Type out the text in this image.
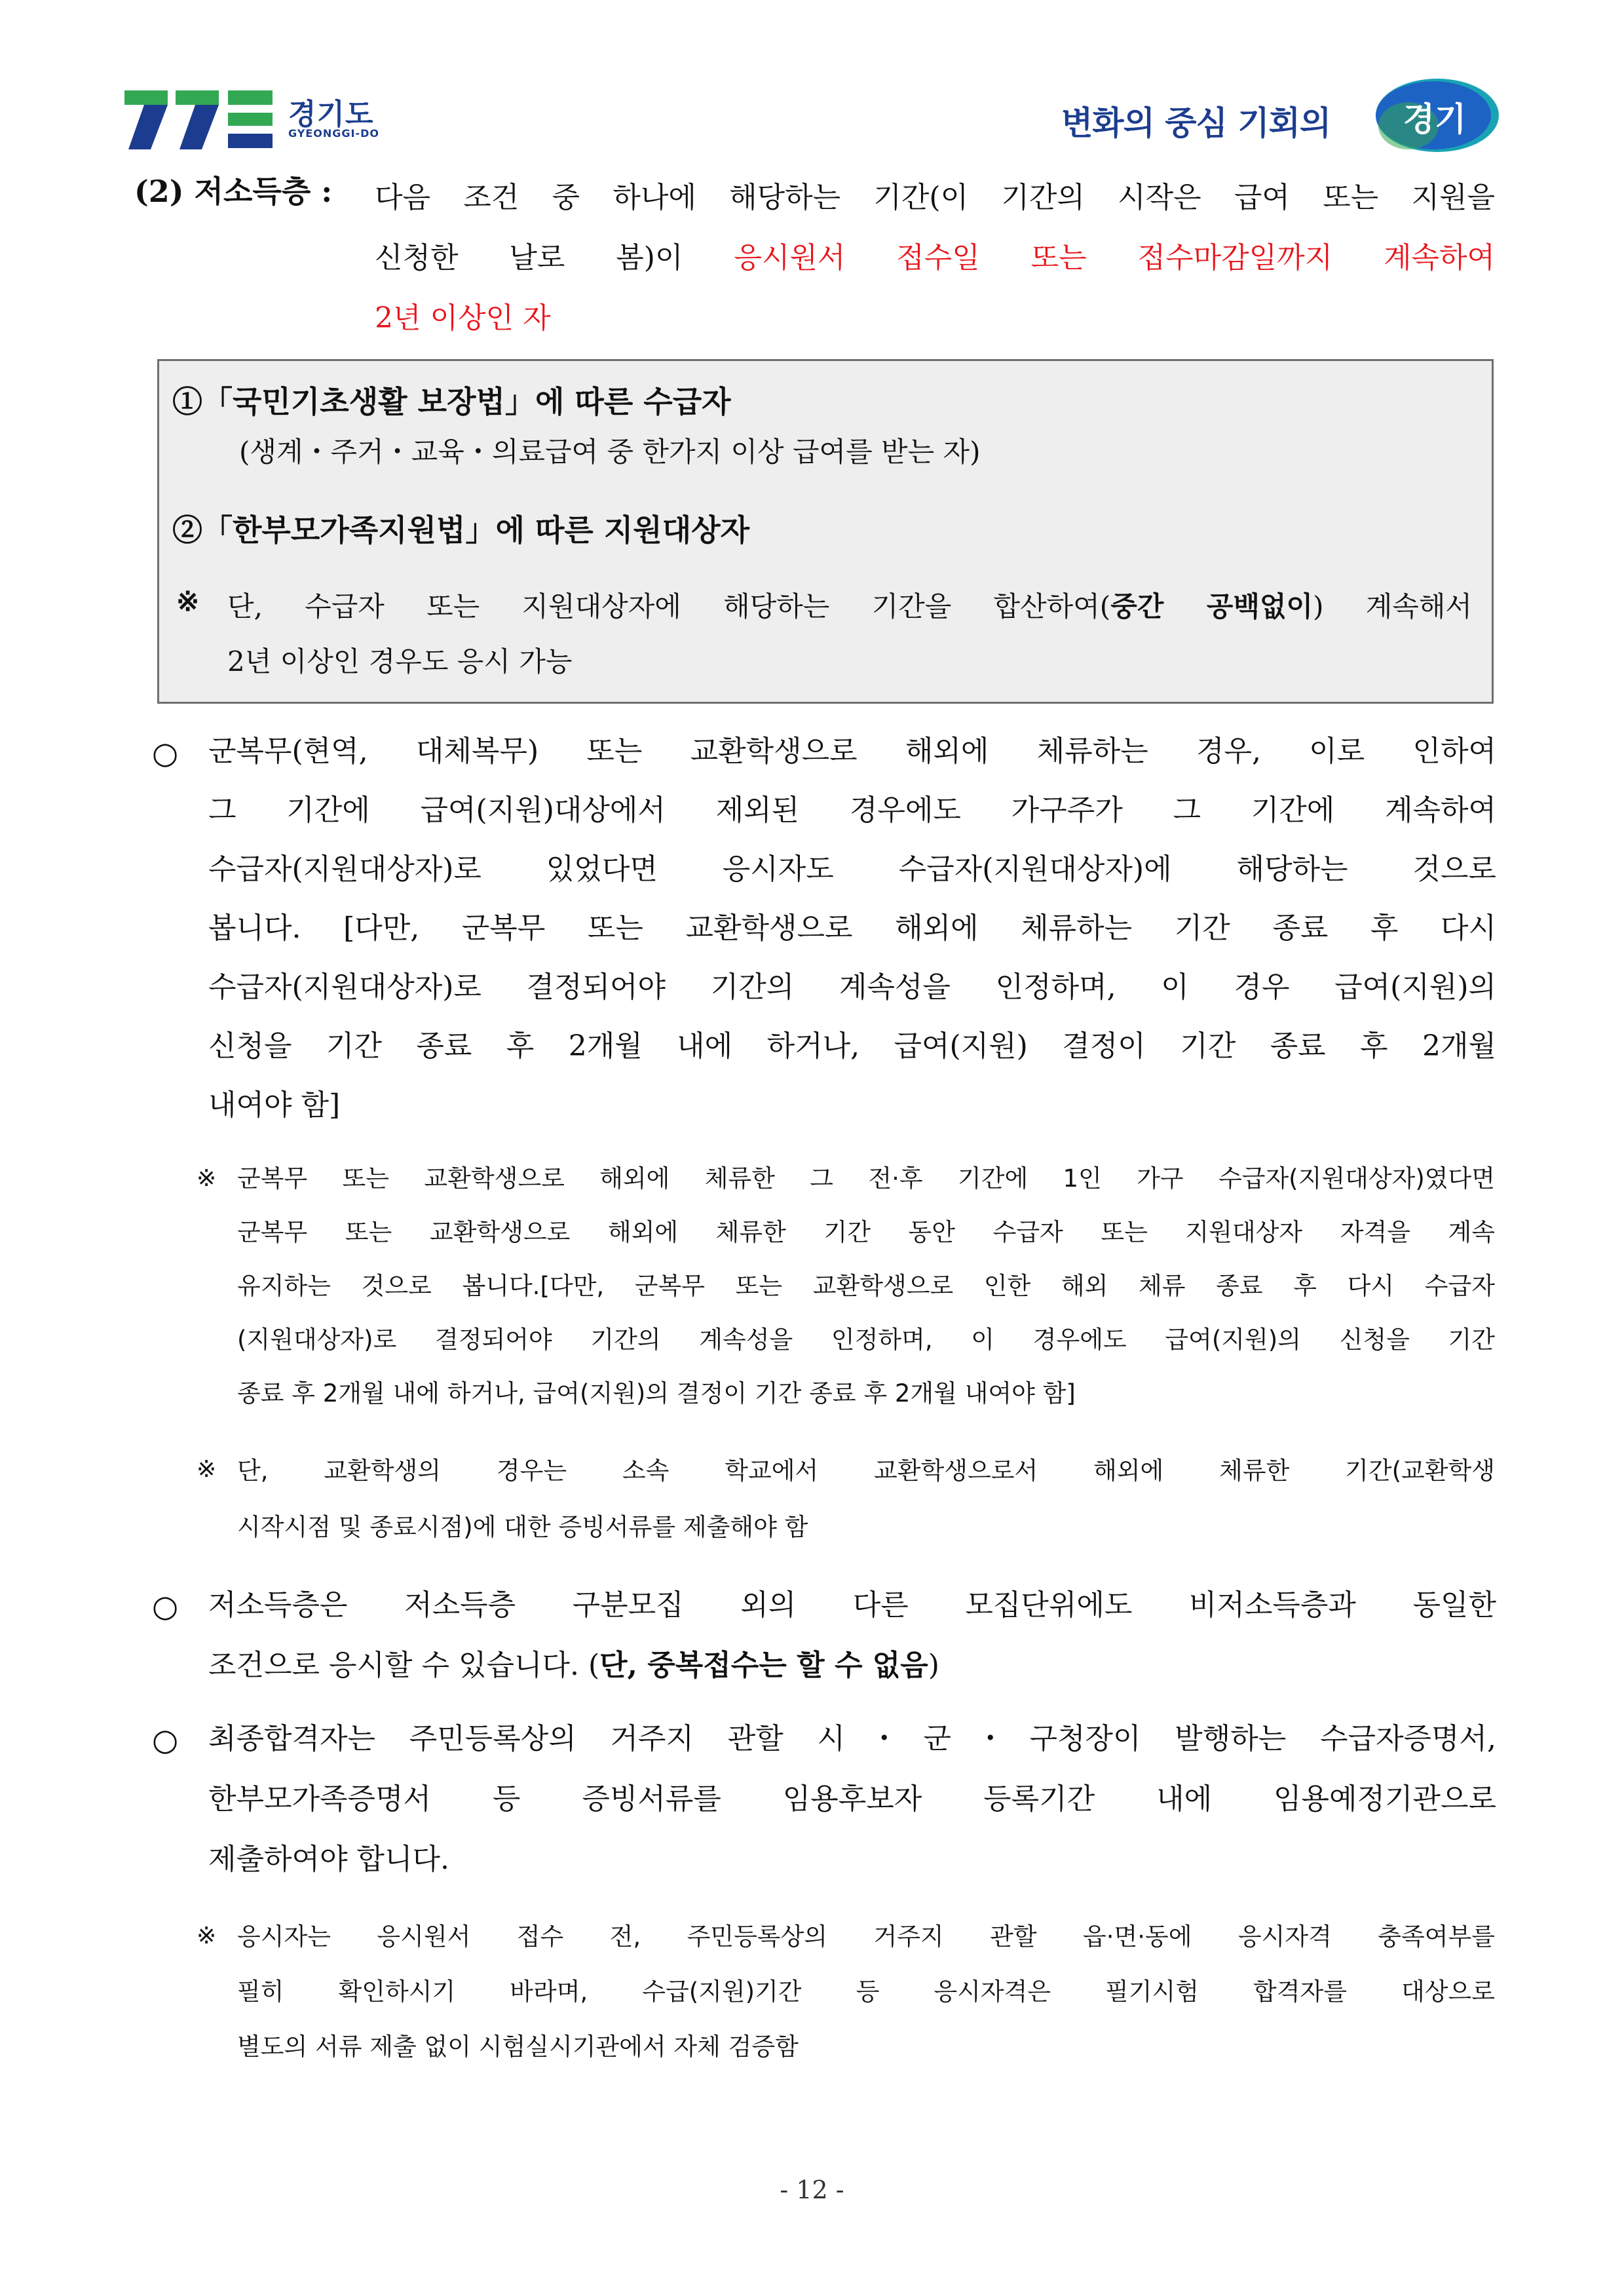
경기도
GYEONGGI-DO	변화의 중심 기회의	경기
(2) 저소득층 : 다음 조건 중 하나에 해당하는 기간(이 기간의 시작은 급여 또는 지원을
신청한 날로 봄)이 응시원서 접수일 또는 접수마감일까지 계속하여
2년 이상인 자
①「국민기초생활 보장법」에 따른 수급자
(생계・주거・교육・의료급여 중 한가지 이상 급여를 받는 자)
②「한부모가족지원법」에 따른 지원대상자
※ 단, 수급자 또는 지원대상자에 해당하는 기간을 합산하여(중간 공백없이) 계속해서
2년 이상인 경우도 응시 가능
○ 군복무(현역, 대체복무) 또는 교환학생으로 해외에 체류하는 경우, 이로 인하여
그 기간에 급여(지원)대상에서 제외된 경우에도 가구주가 그 기간에 계속하여
수급자(지원대상자)로 있었다면 응시자도 수급자(지원대상자)에 해당하는 것으로
봅니다. [다만, 군복무 또는 교환학생으로 해외에 체류하는 기간 종료 후 다시
수급자(지원대상자)로 결정되어야 기간의 계속성을 인정하며, 이 경우 급여(지원)의
신청을 기간 종료 후 2개월 내에 하거나, 급여(지원) 결정이 기간 종료 후 2개월
내여야 함]
※ 군복무 또는 교환학생으로 해외에 체류한 그 전·후 기간에 1인 가구 수급자(지원대상자)였다면
군복무 또는 교환학생으로 해외에 체류한 기간 동안 수급자 또는 지원대상자 자격을 계속
유지하는 것으로 봅니다.[다만, 군복무 또는 교환학생으로 인한 해외 체류 종료 후 다시 수급자
(지원대상자)로 결정되어야 기간의 계속성을 인정하며, 이 경우에도 급여(지원)의 신청을 기간
종료 후 2개월 내에 하거나, 급여(지원)의 결정이 기간 종료 후 2개월 내여야 함]
※ 단, 교환학생의 경우는 소속 학교에서 교환학생으로서 해외에 체류한 기간(교환학생
시작시점 및 종료시점)에 대한 증빙서류를 제출해야 함
○ 저소득층은 저소득층 구분모집 외의 다른 모집단위에도 비저소득층과 동일한
조건으로 응시할 수 있습니다. (단, 중복접수는 할 수 없음)
○ 최종합격자는 주민등록상의 거주지 관할 시・군・구청장이 발행하는 수급자증명서,
한부모가족증명서 등 증빙서류를 임용후보자 등록기간 내에 임용예정기관으로
제출하여야 합니다.
※ 응시자는 응시원서 접수 전, 주민등록상의 거주지 관할 읍·면·동에 응시자격 충족여부를
필히 확인하시기 바라며, 수급(지원)기간 등 응시자격은 필기시험 합격자를 대상으로
별도의 서류 제출 없이 시험실시기관에서 자체 검증함
- 12 -
